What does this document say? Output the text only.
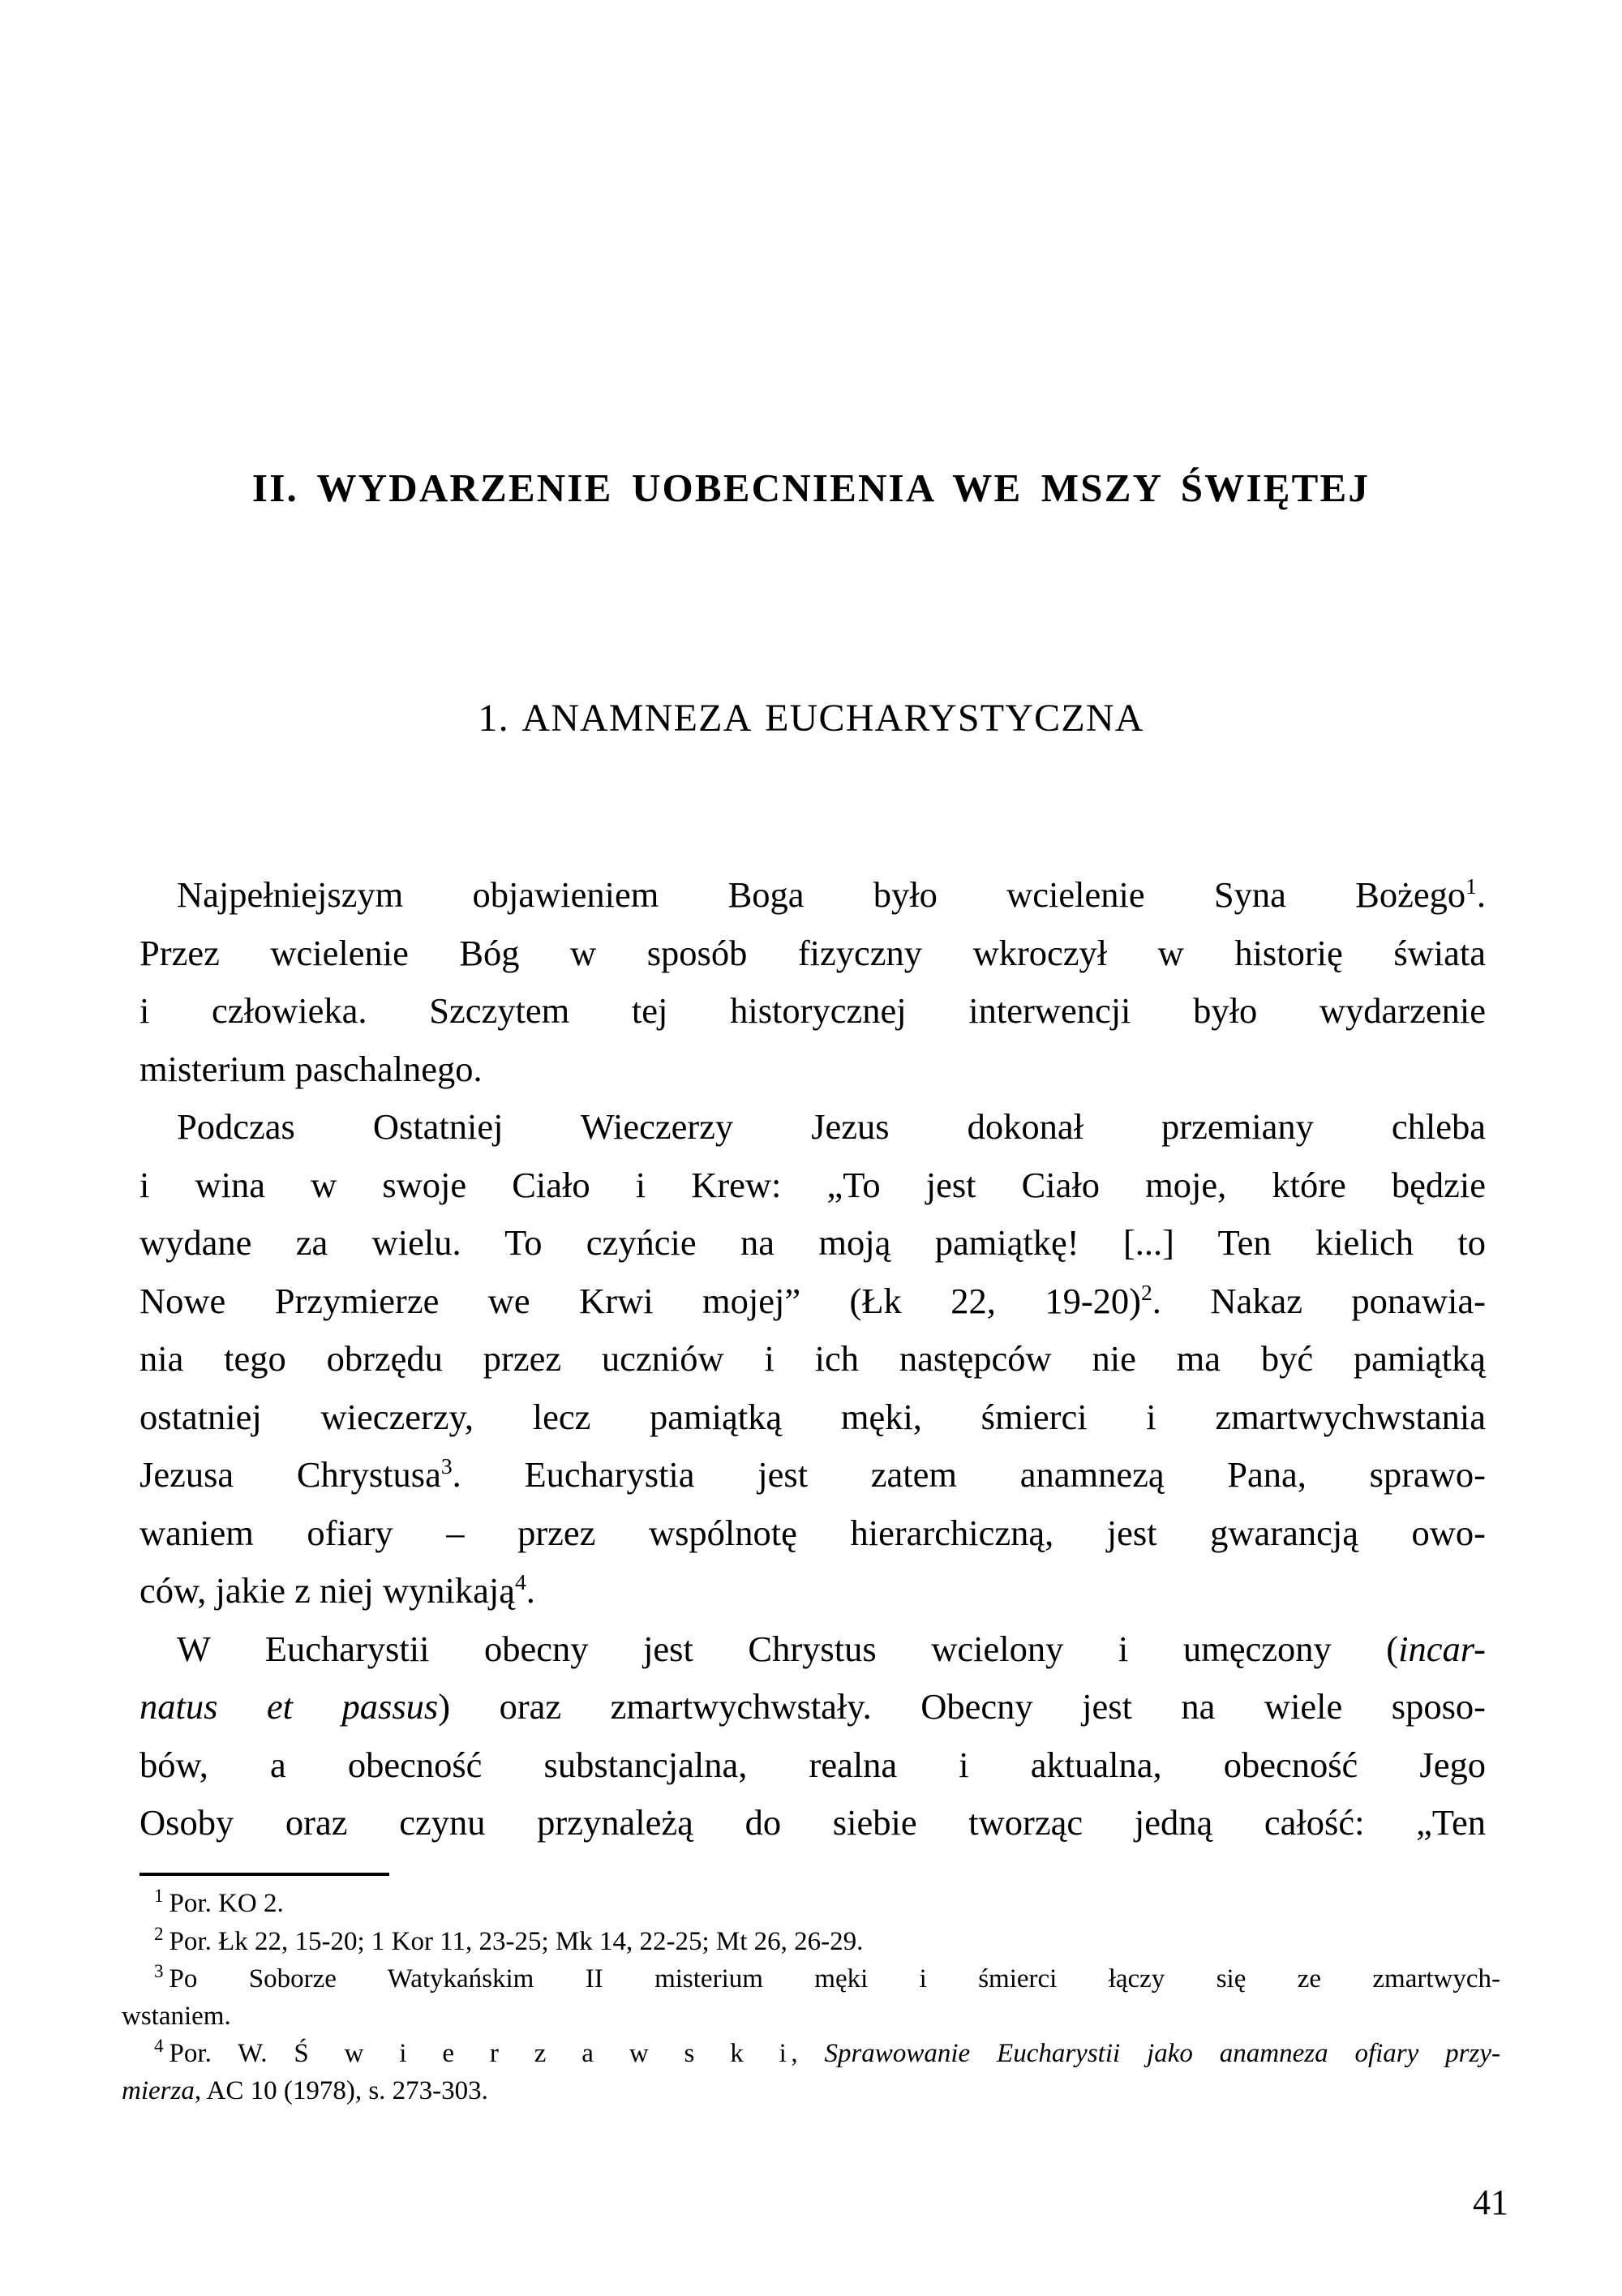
II. WYDARZENIE UOBECNIENIA WE MSZY ŚWIĘTEJ
1. ANAMNEZA EUCHARYSTYCZNA

Najpełniejszym objawieniem Boga było wcielenie Syna Bożego$^1$.
Przez wcielenie Bóg w sposób fizyczny wkroczył w historię świata
i człowieka. Szczytem tej historycznej interwencji było wydarzenie
misterium paschalnego.

Podczas Ostatniej Wieczerzy Jezus dokonał przemiany chleba
i wina w swoje Ciało i Krew: „To jest Ciało moje, które będzie
wydane za wielu. To czyńcie na moją pamiątkę! [...] Ten kielich to
Nowe Przymierze we Krwi mojej” (Łk 22, 19-20)$^2$. Nakaz ponawia-
nia tego obrzędu przez uczniów i ich następców nie ma być pamiątką
ostatniej wieczerzy, lecz pamiątką męki, śmierci i zmartwychwstania
Jezusa Chrystusa$^3$. Eucharystia jest zatem anamnezą Pana, sprawo-
waniem ofiary – przez wspólnotę hierarchiczną, jest gwarancją owo-
ców, jakie z niej wynikają$^4$.

W Eucharystii obecny jest Chrystus wcielony i umęczony (incar-
natus et passus) oraz zmartwychwstały. Obecny jest na wiele sposo-
bów, a obecność substancjalna, realna i aktualna, obecność Jego
Osoby oraz czynu przynależą do siebie tworząc jedną całość: „Ten

$^1$ Por. KO 2.

$^2$ Por. Łk 22, 15-20; 1 Kor 11, 23-25; Mk 14, 22-25; Mt 26, 26-29.

$^3$ Po Soborze Watykańskim II misterium męki i śmierci łączy się ze zmartwych-
wstaniem.

$^4$ Por. W. Ś w i e r z a w s k i, Sprawowanie Eucharystii jako anamneza ofiary przy-
mierza, AC 10 (1978), s. 273-303.

41
